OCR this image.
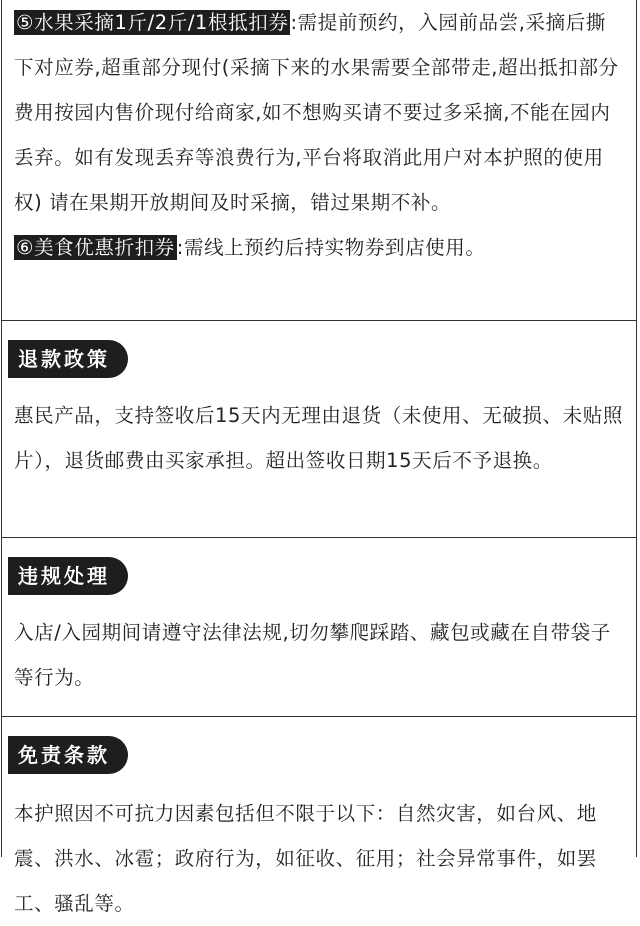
⑤水果采摘1斤/2斤/1根抵扣券 :需提前预约，入园前品尝,采摘后撕下对应券,超重部分现付(采摘下来的水果需要全部带走,超出抵扣部分费用按园内售价现付给商家,如不想购买请不要过多采摘,不能在园内丢弃。如有发现丢弃等浪费行为,平台将取消此用户对本护照的使用权) 请在果期开放期间及时采摘，错过果期不补。

⑥美食优惠折扣券 :需线上预约后持实物券到店使用。

退款政策

惠民产品，支持签收后15天内无理由退货（未使用、无破损、未贴照片），退货邮费由买家承担。超出签收日期15天后不予退换。

违规处理

入店/入园期间请遵守法律法规,切勿攀爬踩踏、藏包或藏在自带袋子等行为。

免责条款

本护照因不可抗力因素包括但不限于以下：自然灾害，如台风、地震、洪水、冰雹；政府行为，如征收、征用；社会异常事件，如罢工、骚乱等。
